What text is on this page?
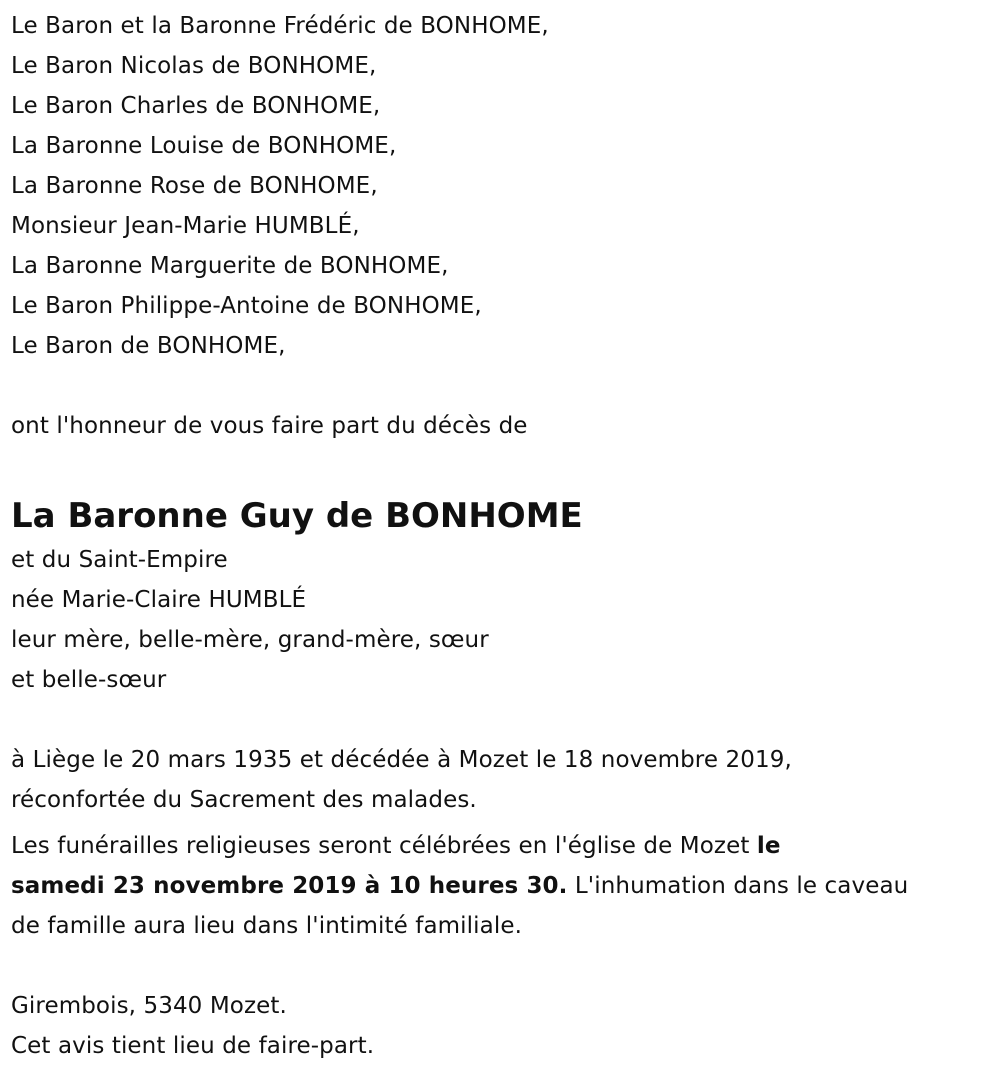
Le Baron et la Baronne Frédéric de BONHOME,
Le Baron Nicolas de BONHOME,
Le Baron Charles de BONHOME,
La Baronne Louise de BONHOME,
La Baronne Rose de BONHOME,
Monsieur Jean-Marie HUMBLÉ,
La Baronne Marguerite de BONHOME,
Le Baron Philippe-Antoine de BONHOME,
Le Baron de BONHOME,
ont l'honneur de vous faire part du décès de
La Baronne Guy de BONHOME
et du Saint-Empire
née Marie-Claire HUMBLÉ
leur mère, belle-mère, grand-mère, sœur
et belle-sœur
à Liège le 20 mars 1935 et décédée à Mozet le 18 novembre 2019,
réconfortée du Sacrement des malades.
Les funérailles religieuses seront célébrées en l'église de Mozet le
samedi 23 novembre 2019 à 10 heures 30. L'inhumation dans le caveau
de famille aura lieu dans l'intimité familiale.
Girembois, 5340 Mozet.
Cet avis tient lieu de faire-part.
